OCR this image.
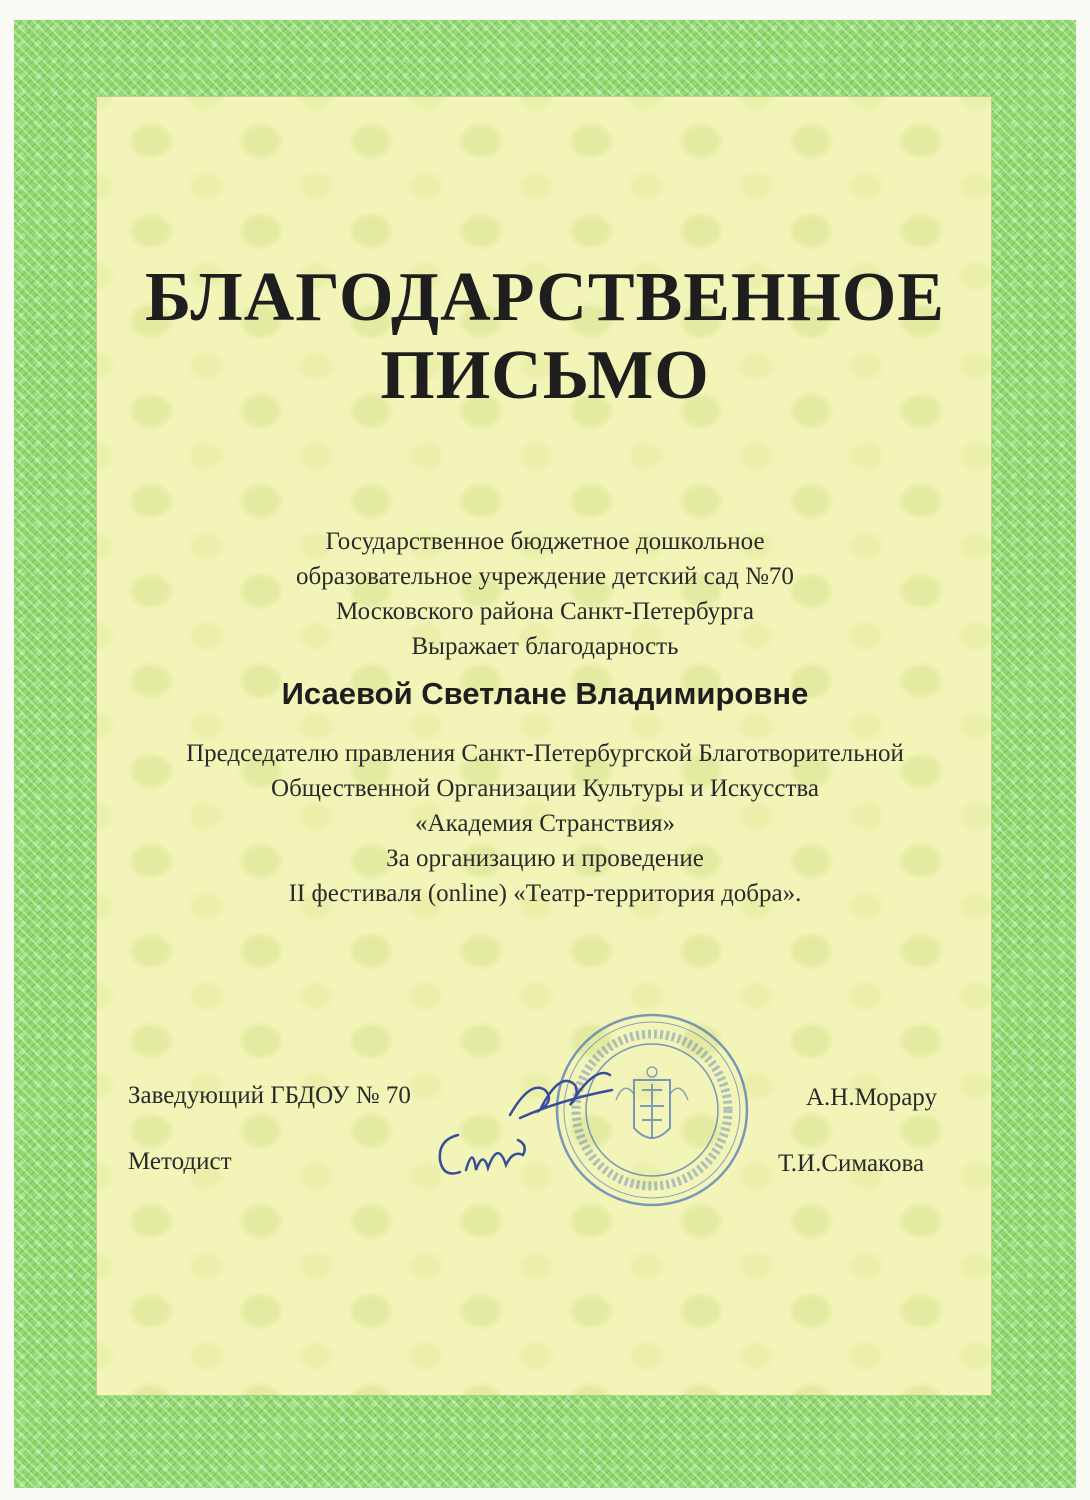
БЛАГОДАРСТВЕННОЕ
ПИСЬМО
Государственное бюджетное дошкольное
образовательное учреждение детский сад №70
Московского района Санкт-Петербурга
Выражает благодарность
Исаевой Светлане Владимировне
Председателю правления Санкт-Петербургской Благотворительной
Общественной Организации Культуры и Искусства
«Академия Странствия»
За организацию и проведение
II фестиваля (online) «Театр-территория добра».
Заведующий ГБДОУ № 70	А.Н.Морару
Методист	Т.И.Симакова
